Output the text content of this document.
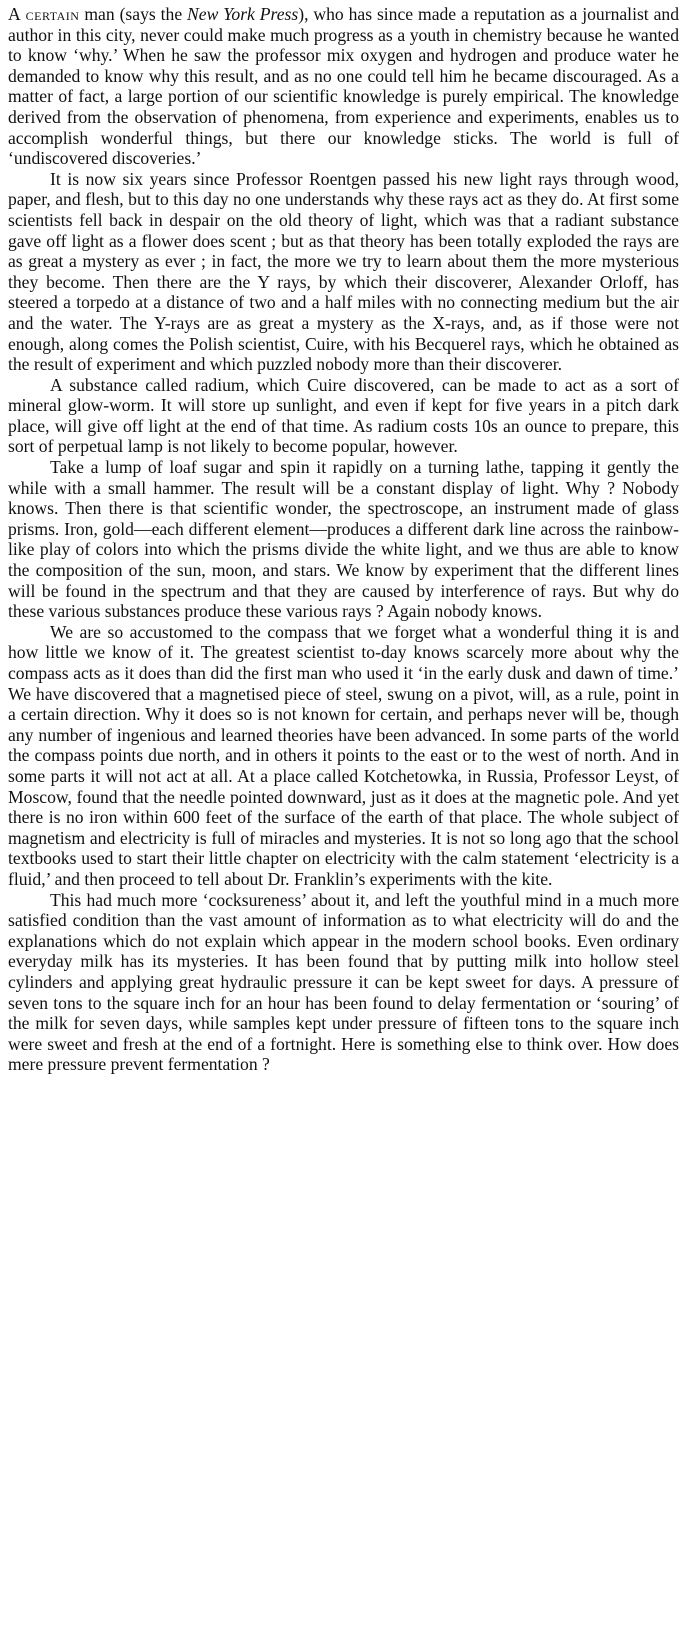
A certain man (says the New York Press), who has since made a reputation as a journalist and author in this city, never could make much progress as a youth in chemistry because he wanted to know ‘why.’ When he saw the professor mix oxygen and hydrogen and produce water he demanded to know why this result, and as no one could tell him he became discouraged. As a matter of fact, a large portion of our scientific knowledge is purely empirical. The knowledge derived from the observation of phenomena, from experience and experiments, enables us to accomplish wonderful things, but there our knowledge sticks. The world is full of ‘undiscovered discoveries.’

It is now six years since Professor Roentgen passed his new light rays through wood, paper, and flesh, but to this day no one understands why these rays act as they do. At first some scientists fell back in despair on the old theory of light, which was that a radiant substance gave off light as a flower does scent ; but as that theory has been totally exploded the rays are as great a mystery as ever ; in fact, the more we try to learn about them the more mysterious they become. Then there are the Y rays, by which their discoverer, Alexander Orloff, has steered a torpedo at a distance of two and a half miles with no connecting medium but the air and the water. The Y-rays are as great a mystery as the X-rays, and, as if those were not enough, along comes the Polish scientist, Cuire, with his Becquerel rays, which he obtained as the result of experiment and which puzzled nobody more than their discoverer.

A substance called radium, which Cuire discovered, can be made to act as a sort of mineral glow-worm. It will store up sunlight, and even if kept for five years in a pitch dark place, will give off light at the end of that time. As radium costs 10s an ounce to prepare, this sort of perpetual lamp is not likely to become popular, however.

Take a lump of loaf sugar and spin it rapidly on a turning lathe, tapping it gently the while with a small hammer. The result will be a constant display of light. Why ? Nobody knows. Then there is that scientific wonder, the spectroscope, an instrument made of glass prisms. Iron, gold—each different element—produces a different dark line across the rainbow-like play of colors into which the prisms divide the white light, and we thus are able to know the composition of the sun, moon, and stars. We know by experiment that the different lines will be found in the spectrum and that they are caused by interference of rays. But why do these various substances produce these various rays ? Again nobody knows.

We are so accustomed to the compass that we forget what a wonderful thing it is and how little we know of it. The greatest scientist to-day knows scarcely more about why the compass acts as it does than did the first man who used it ‘in the early dusk and dawn of time.’ We have discovered that a magnetised piece of steel, swung on a pivot, will, as a rule, point in a certain direction. Why it does so is not known for certain, and perhaps never will be, though any number of ingenious and learned theories have been advanced. In some parts of the world the compass points due north, and in others it points to the east or to the west of north. And in some parts it will not act at all. At a place called Kotchetowka, in Russia, Professor Leyst, of Moscow, found that the needle pointed downward, just as it does at the magnetic pole. And yet there is no iron within 600 feet of the surface of the earth of that place. The whole subject of magnetism and electricity is full of miracles and mysteries. It is not so long ago that the school textbooks used to start their little chapter on electricity with the calm statement ‘electricity is a fluid,’ and then proceed to tell about Dr. Franklin’s experiments with the kite.

This had much more ‘cocksureness’ about it, and left the youthful mind in a much more satisfied condition than the vast amount of information as to what electricity will do and the explanations which do not explain which appear in the modern school books. Even ordinary everyday milk has its mysteries. It has been found that by putting milk into hollow steel cylinders and applying great hydraulic pressure it can be kept sweet for days. A pressure of seven tons to the square inch for an hour has been found to delay fermentation or ‘souring’ of the milk for seven days, while samples kept under pressure of fifteen tons to the square inch were sweet and fresh at the end of a fortnight. Here is something else to think over. How does mere pressure prevent fermentation ?
